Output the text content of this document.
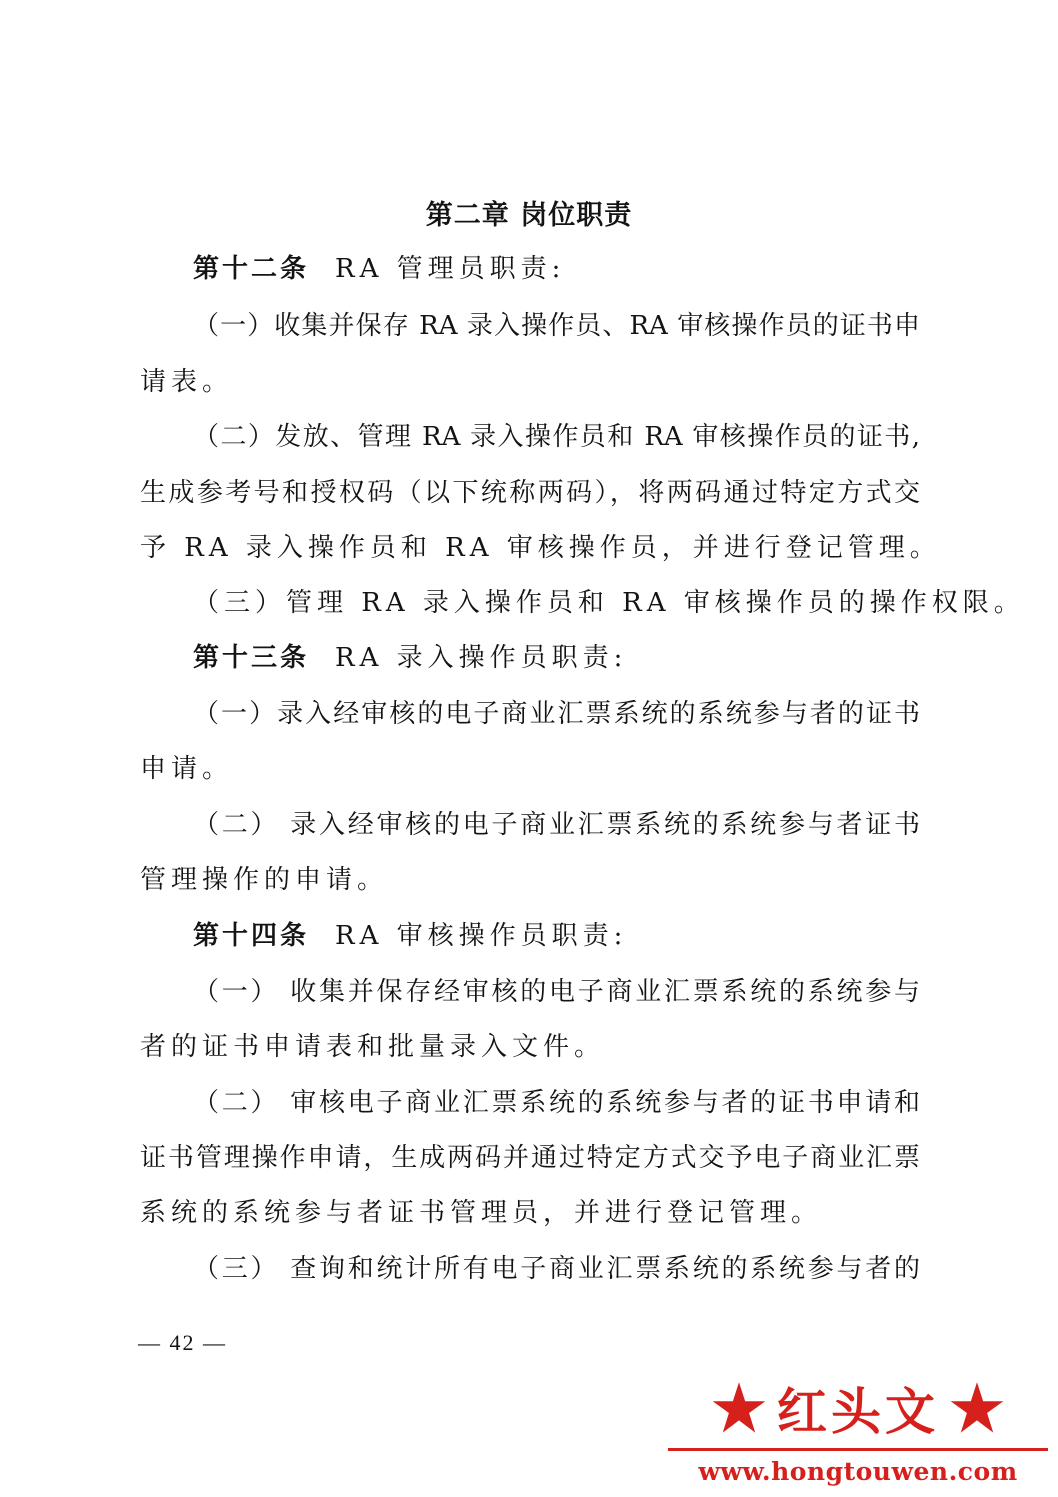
第二章 岗位职责
第十二条 RA 管理员职责:
（一）收集并保存 RA 录入操作员、RA 审核操作员的证书申
请表。
（二）发放、管理 RA 录入操作员和 RA 审核操作员的证书,
生成参考号和授权码（以下统称两码），将两码通过特定方式交
予 RA 录入操作员和 RA 审核操作员，并进行登记管理。
（三）管理 RA 录入操作员和 RA 审核操作员的操作权限。
第十三条 RA 录入操作员职责:
（一）录入经审核的电子商业汇票系统的系统参与者的证书
申请。
（二） 录入经审核的电子商业汇票系统的系统参与者证书
管理操作的申请。
第十四条 RA 审核操作员职责:
（一） 收集并保存经审核的电子商业汇票系统的系统参与
者的证书申请表和批量录入文件。
（二） 审核电子商业汇票系统的系统参与者的证书申请和
证书管理操作申请，生成两码并通过特定方式交予电子商业汇票
系统的系统参与者证书管理员，并进行登记管理。
（三） 查询和统计所有电子商业汇票系统的系统参与者的
— 42 —
红头文
www.hongtouwen.com
